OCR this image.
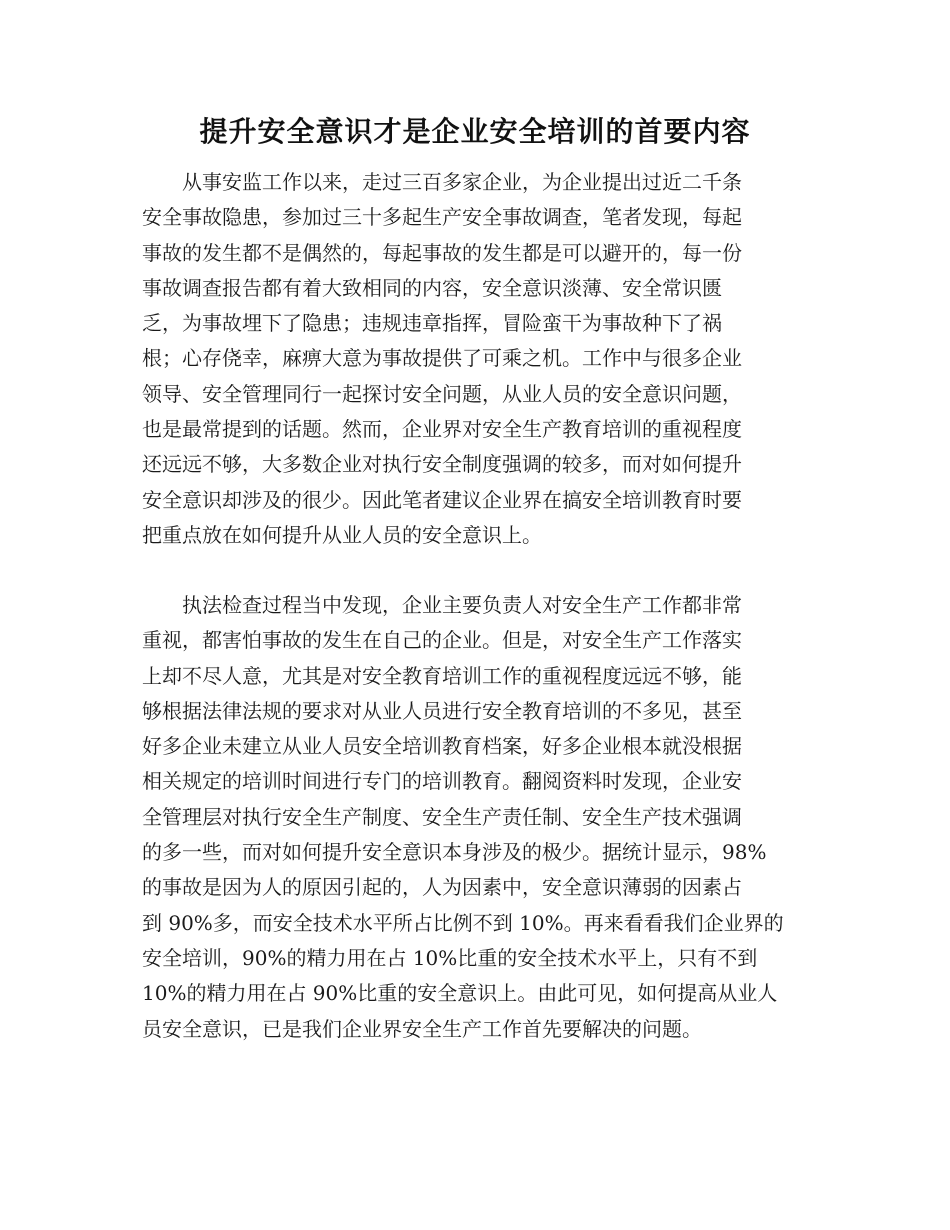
提升安全意识才是企业安全培训的首要内容
　　从事安监工作以来，走过三百多家企业，为企业提出过近二千条
安全事故隐患，参加过三十多起生产安全事故调查，笔者发现，每起
事故的发生都不是偶然的，每起事故的发生都是可以避开的，每一份
事故调查报告都有着大致相同的内容，安全意识淡薄、安全常识匮
乏，为事故埋下了隐患；违规违章指挥，冒险蛮干为事故种下了祸
根；心存侥幸，麻痹大意为事故提供了可乘之机。工作中与很多企业
领导、安全管理同行一起探讨安全问题，从业人员的安全意识问题，
也是最常提到的话题。然而，企业界对安全生产教育培训的重视程度
还远远不够，大多数企业对执行安全制度强调的较多，而对如何提升
安全意识却涉及的很少。因此笔者建议企业界在搞安全培训教育时要
把重点放在如何提升从业人员的安全意识上。
　　执法检查过程当中发现，企业主要负责人对安全生产工作都非常
重视，都害怕事故的发生在自己的企业。但是，对安全生产工作落实
上却不尽人意，尤其是对安全教育培训工作的重视程度远远不够，能
够根据法律法规的要求对从业人员进行安全教育培训的不多见，甚至
好多企业未建立从业人员安全培训教育档案，好多企业根本就没根据
相关规定的培训时间进行专门的培训教育。翻阅资料时发现，企业安
全管理层对执行安全生产制度、安全生产责任制、安全生产技术强调
的多一些，而对如何提升安全意识本身涉及的极少。据统计显示，98%
的事故是因为人的原因引起的，人为因素中，安全意识薄弱的因素占
到 90%多，而安全技术水平所占比例不到 10%。再来看看我们企业界的
安全培训，90%的精力用在占 10%比重的安全技术水平上，只有不到
10%的精力用在占 90%比重的安全意识上。由此可见，如何提高从业人
员安全意识，已是我们企业界安全生产工作首先要解决的问题。
